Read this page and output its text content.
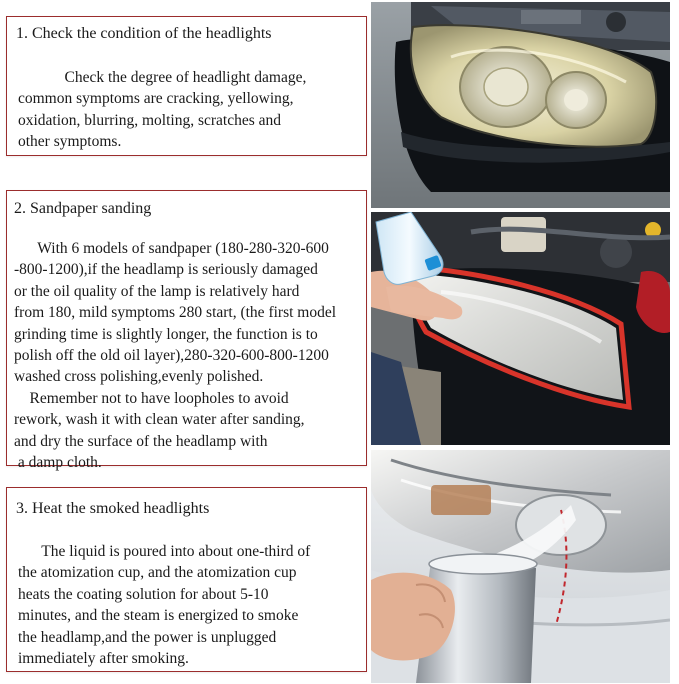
1. Check the condition of the headlights

Check the degree of headlight damage,
common symptoms are cracking, yellowing,
oxidation, blurring, molting, scratches and
other symptoms.

2. Sandpaper sanding

With 6 models of sandpaper (180-280-320-600
-800-1200),if the headlamp is seriously damaged
or the oil quality of the lamp is relatively hard
from 180, mild symptoms 280 start, (the first model
grinding time is slightly longer, the function is to
polish off the old oil layer),280-320-600-800-1200
washed cross polishing,evenly polished.

Remember not to have loopholes to avoid
rework, wash it with clean water after sanding,
and dry the surface of the headlamp with
a damp cloth.

3. Heat the smoked headlights

The liquid is poured into about one-third of
the atomization cup, and the atomization cup
heats the coating solution for about 5-10
minutes, and the steam is energized to smoke
the headlamp,and the power is unplugged
immediately after smoking.
